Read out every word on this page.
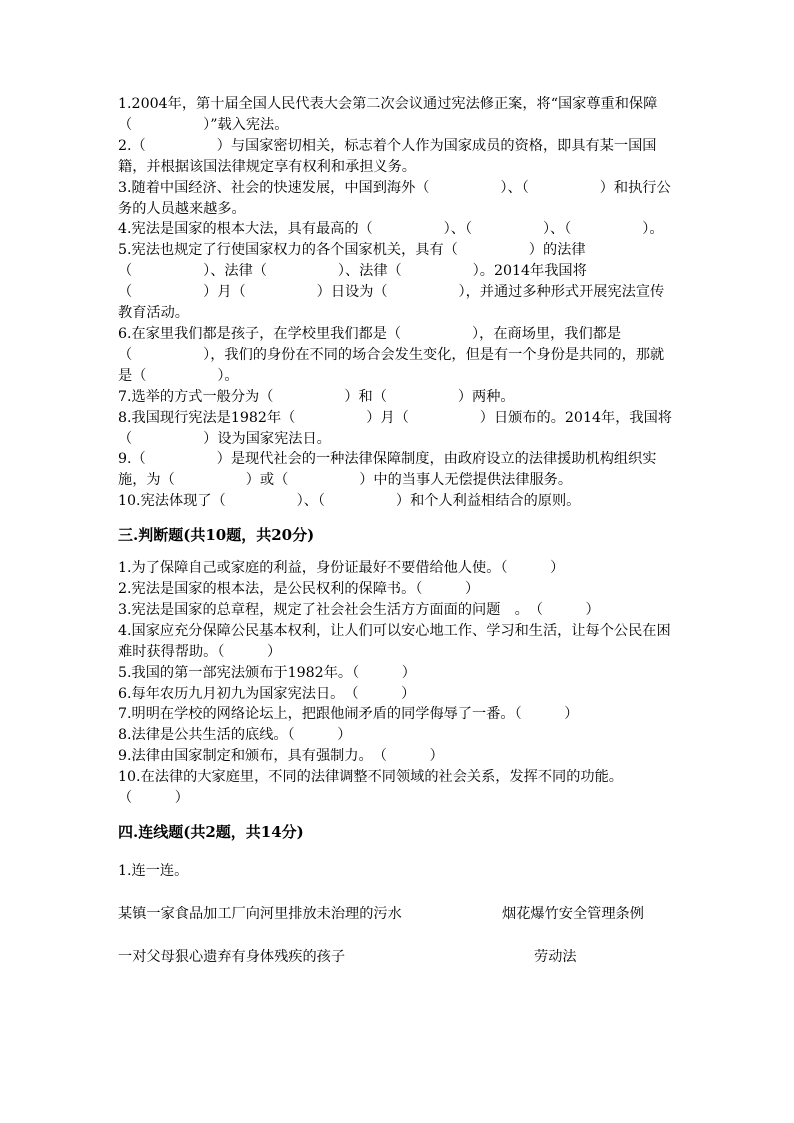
1.2004年，第十届全国人民代表大会第二次会议通过宪法修正案，将“国家尊重和保障（　　　　　）”载入宪法。

2.（　　　　　）与国家密切相关，标志着个人作为国家成员的资格，即具有某一国国籍，并根据该国法律规定享有权利和承担义务。

3.随着中国经济、社会的快速发展，中国到海外（　　　　　）、（　　　　　）和执行公务的人员越来越多。

4.宪法是国家的根本大法，具有最高的（　　　　　）、（　　　　　）、（　　　　　）。

5.宪法也规定了行使国家权力的各个国家机关，具有（　　　　　）的法律（　　　　　）、法律（　　　　　）、法律（　　　　　）。2014年我国将（　　　　　）月（　　　　　）日设为（　　　　　），并通过多种形式开展宪法宣传教育活动。

6.在家里我们都是孩子，在学校里我们都是（　　　　　），在商场里，我们都是（　　　　　），我们的身份在不同的场合会发生变化，但是有一个身份是共同的，那就是（　　　　　）。

7.选举的方式一般分为（　　　　　）和（　　　　　）两种。

8.我国现行宪法是1982年（　　　　　）月（　　　　　）日颁布的。2014年，我国将（　　　　　）设为国家宪法日。

9.（　　　　　）是现代社会的一种法律保障制度，由政府设立的法律援助机构组织实施，为（　　　　　）或（　　　　　）中的当事人无偿提供法律服务。

10.宪法体现了（　　　　　）、（　　　　　）和个人利益相结合的原则。

三.判断题(共10题，共20分)

1.为了保障自己或家庭的利益，身份证最好不要借给他人使。（　　　）

2.宪法是国家的根本法，是公民权利的保障书。（　　　）

3.宪法是国家的总章程，规定了社会社会生活方方面面的问题　。　（　　　）

4.国家应充分保障公民基本权利，让人们可以安心地工作、学习和生活，让每个公民在困难时获得帮助。（　　　）

5.我国的第一部宪法颁布于1982年。（　　　）

6.每年农历九月初九为国家宪法日。　（　　　）

7.明明在学校的网络论坛上，把跟他闹矛盾的同学侮辱了一番。（　　　）

8.法律是公共生活的底线。（　　　）

9.法律由国家制定和颁布，具有强制力。　（　　　）

10.在法律的大家庭里，不同的法律调整不同领域的社会关系，发挥不同的功能。　　　（　　　）

四.连线题(共2题，共14分)

1.连一连。

某镇一家食品加工厂向河里排放未治理的污水	烟花爆竹安全管理条例
一对父母狠心遗弃有身体残疾的孩子	劳动法
